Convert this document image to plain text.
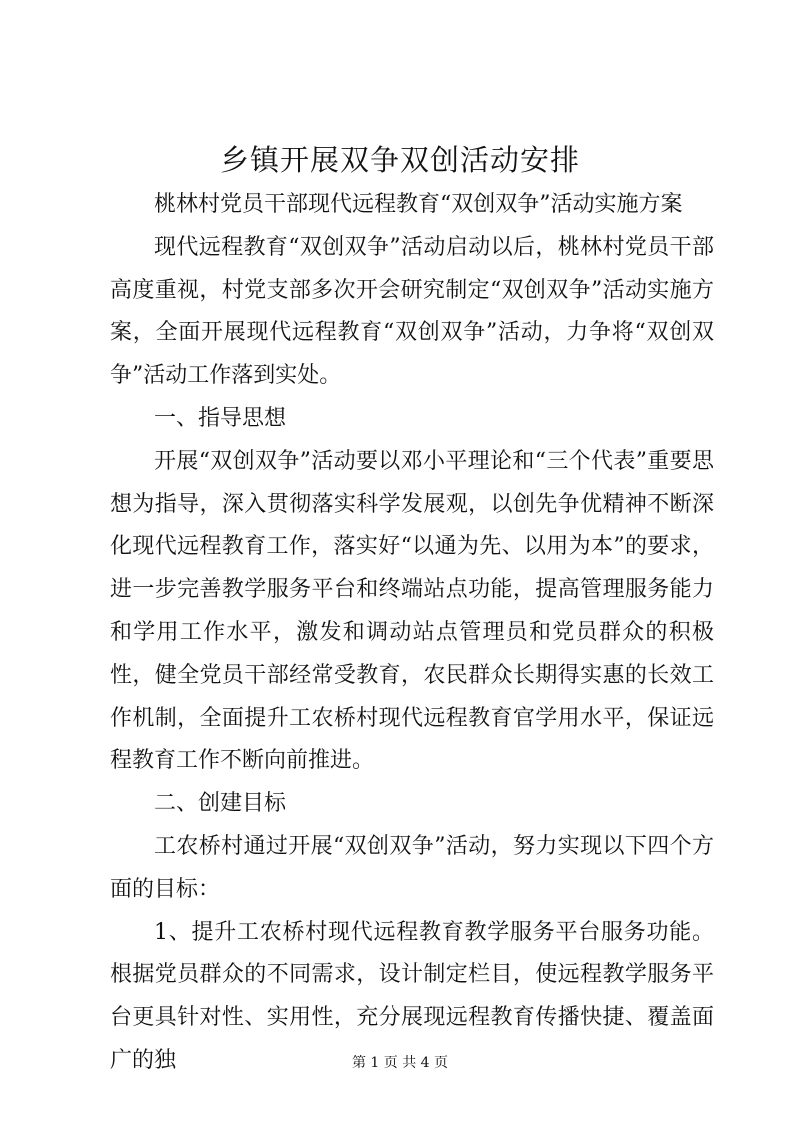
乡镇开展双争双创活动安排

桃林村党员干部现代远程教育“双创双争”活动实施方案

现代远程教育“双创双争”活动启动以后，桃林村党员干部高度重视，村党支部多次开会研究制定“双创双争”活动实施方案，全面开展现代远程教育“双创双争”活动，力争将“双创双争”活动工作落到实处。

一、指导思想

开展“双创双争”活动要以邓小平理论和“三个代表”重要思想为指导，深入贯彻落实科学发展观，以创先争优精神不断深化现代远程教育工作，落实好“以通为先、以用为本”的要求，进一步完善教学服务平台和终端站点功能，提高管理服务能力和学用工作水平，激发和调动站点管理员和党员群众的积极性，健全党员干部经常受教育，农民群众长期得实惠的长效工作机制，全面提升工农桥村现代远程教育官学用水平，保证远程教育工作不断向前推进。

二、创建目标

工农桥村通过开展“双创双争”活动，努力实现以下四个方面的目标：

1、提升工农桥村现代远程教育教学服务平台服务功能。根据党员群众的不同需求，设计制定栏目，使远程教学服务平台更具针对性、实用性，充分展现远程教育传播快捷、覆盖面广的独	第 1 页 共 4 页
